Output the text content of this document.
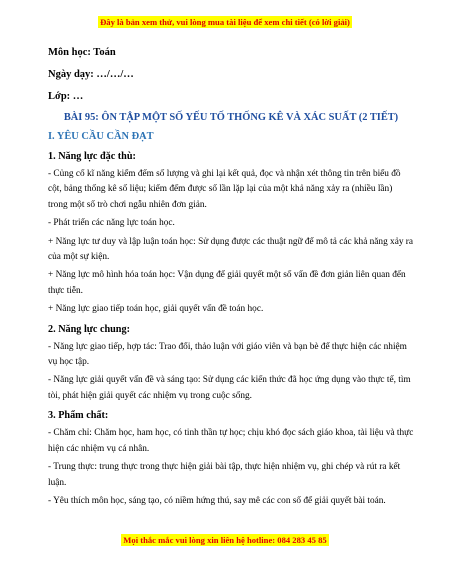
Đây là bản xem thử, vui lòng mua tài liệu để xem chi tiết (có lời giải)
Môn học: Toán
Ngày dạy: …/…/…
Lớp: …
BÀI 95: ÔN TẬP MỘT SỐ YẾU TỐ THỐNG KÊ VÀ XÁC SUẤT (2 TIẾT)
I. YÊU CẦU CẦN ĐẠT
1. Năng lực đặc thù:
- Củng cố kĩ năng kiểm đếm số lượng và ghi lại kết quả, đọc và nhận xét thông tin trên biểu đồ cột, bảng thống kê số liệu; kiểm đếm được số lần lặp lại của một khả năng xảy ra (nhiều lần) trong một số trò chơi ngẫu nhiên đơn giản.
- Phát triển các năng lực toán học.
+ Năng lực tư duy và lập luận toán học: Sử dụng được các thuật ngữ để mô tả các khả năng xảy ra của một sự kiện.
+ Năng lực mô hình hóa toán học: Vận dụng để giải quyết một số vấn đề đơn giản liên quan đến thực tiễn.
+ Năng lực giao tiếp toán học, giải quyết vấn đề toán học.
2. Năng lực chung:
- Năng lực giao tiếp, hợp tác: Trao đổi, thảo luận với giáo viên và bạn bè để thực hiện các nhiệm vụ học tập.
- Năng lực giải quyết vấn đề và sáng tạo: Sử dụng các kiến thức đã học ứng dụng vào thực tế, tìm tòi, phát hiện giải quyết các nhiệm vụ trong cuộc sống.
3. Phẩm chất:
- Chăm chỉ: Chăm học, ham học, có tinh thần tự học; chịu khó đọc sách giáo khoa, tài liệu và thực hiện các nhiệm vụ cá nhân.
- Trung thực: trung thực trong thực hiện giải bài tập, thực hiện nhiệm vụ, ghi chép và rút ra kết luận.
- Yêu thích môn học, sáng tạo, có niềm hứng thú, say mê các con số để giải quyết bài toán.
Mọi thắc mắc vui lòng xin liên hệ hotline: 084 283 45 85
